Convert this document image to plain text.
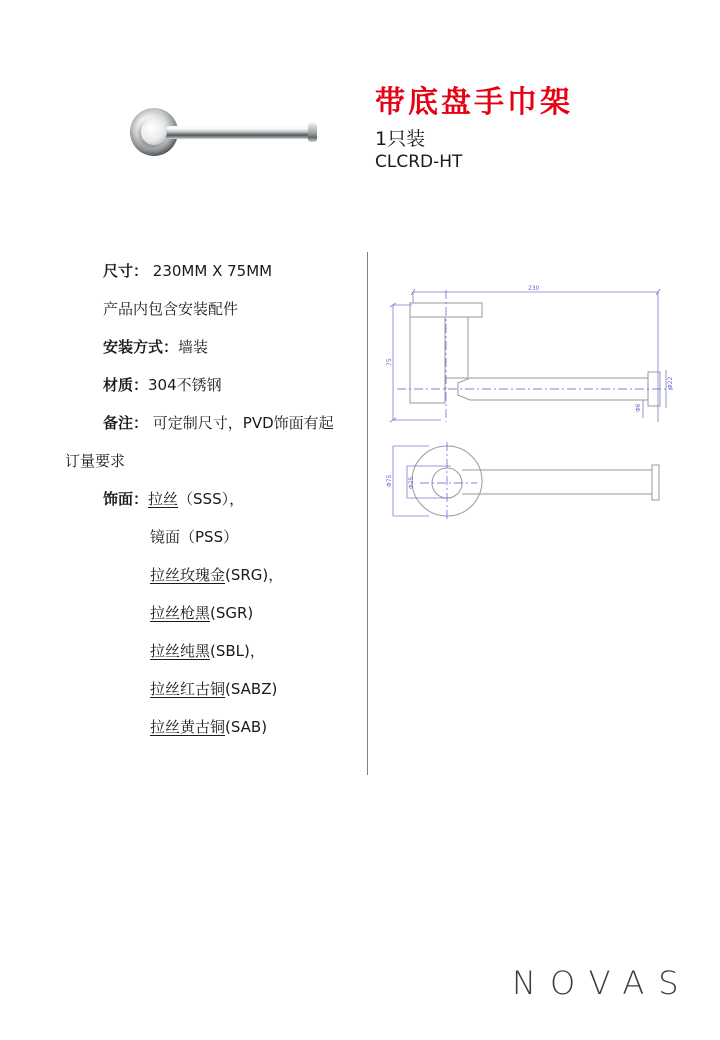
带底盘手巾架
1只装
CLCRD-HT
尺寸： 230MM X 75MM
产品内包含安装配件
安装方式：墙装
材质：304不锈钢
备注： 可定制尺寸，PVD饰面有起
订量要求
饰面：拉丝（SSS），
镜面（PSS）
拉丝玫瑰金(SRG)，
拉丝枪黑(SGR)
拉丝纯黑(SBL)，
拉丝红古铜(SABZ)
拉丝黄古铜(SAB)
230
75
Φ22
Φ6
Φ75	Φ25
NOVAS
